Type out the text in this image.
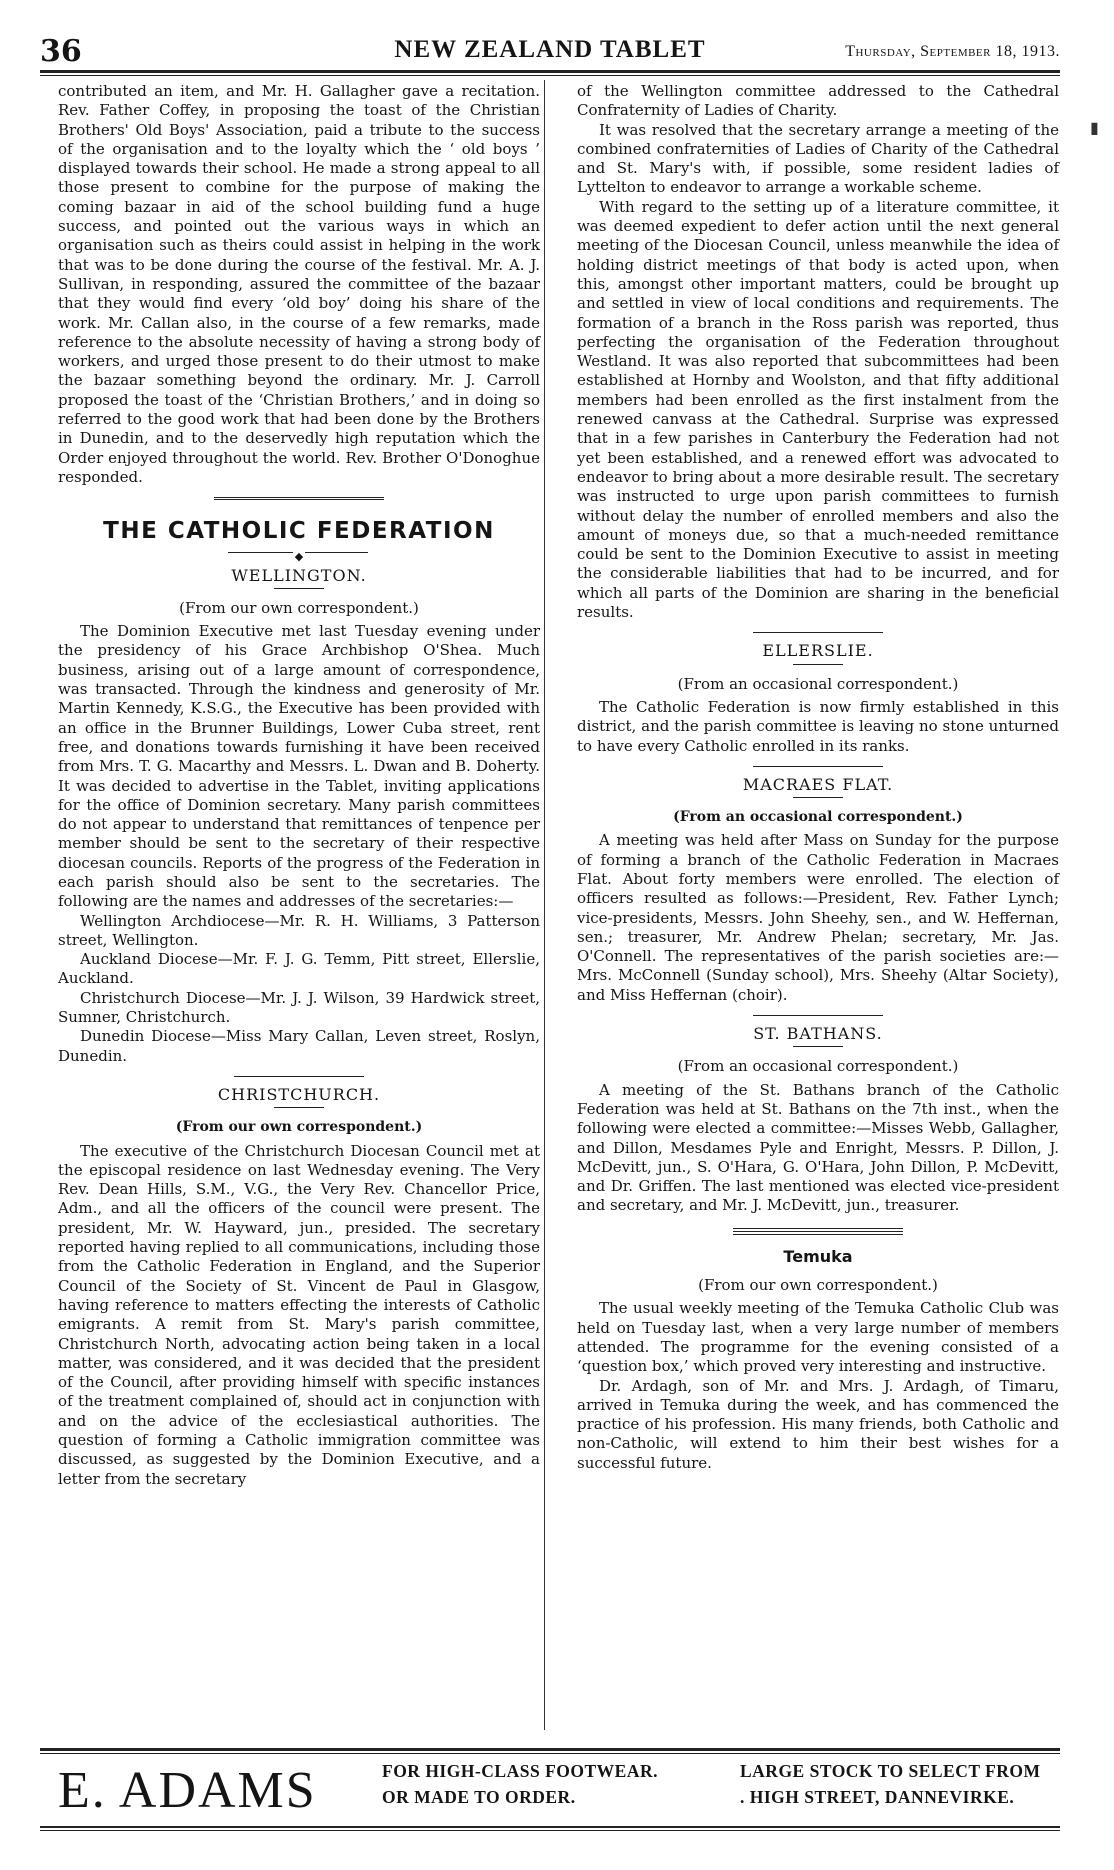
36	NEW ZEALAND TABLET	Thursday, September 18, 1913.

contributed an item, and Mr. H. Gallagher gave a recitation. Rev. Father Coffey, in proposing the toast of the Christian Brothers' Old Boys' Association, paid a tribute to the success of the organisation and to the loyalty which the ‘ old boys ’ displayed towards their school. He made a strong appeal to all those present to combine for the purpose of making the coming bazaar in aid of the school building fund a huge success, and pointed out the various ways in which an organisation such as theirs could assist in helping in the work that was to be done during the course of the festival. Mr. A. J. Sullivan, in responding, assured the committee of the bazaar that they would find every ‘old boy’ doing his share of the work. Mr. Callan also, in the course of a few remarks, made reference to the absolute necessity of having a strong body of workers, and urged those present to do their utmost to make the bazaar something beyond the ordinary. Mr. J. Carroll proposed the toast of the ‘Christian Brothers,’ and in doing so referred to the good work that had been done by the Brothers in Dunedin, and to the deservedly high reputation which the Order enjoyed throughout the world. Rev. Brother O'Donoghue responded.

THE CATHOLIC FEDERATION
◆
WELLINGTON.
(From our own correspondent.)

The Dominion Executive met last Tuesday evening under the presidency of his Grace Archbishop O'Shea. Much business, arising out of a large amount of correspondence, was transacted. Through the kindness and generosity of Mr. Martin Kennedy, K.S.G., the Executive has been provided with an office in the Brunner Buildings, Lower Cuba street, rent free, and donations towards furnishing it have been received from Mrs. T. G. Macarthy and Messrs. L. Dwan and B. Doherty. It was decided to advertise in the Tablet, inviting applications for the office of Dominion secretary. Many parish committees do not appear to understand that remittances of tenpence per member should be sent to the secretary of their respective diocesan councils. Reports of the progress of the Federation in each parish should also be sent to the secretaries. The following are the names and addresses of the secretaries:—

Wellington Archdiocese—Mr. R. H. Williams, 3 Patterson street, Wellington.

Auckland Diocese—Mr. F. J. G. Temm, Pitt street, Ellerslie, Auckland.

Christchurch Diocese—Mr. J. J. Wilson, 39 Hardwick street, Sumner, Christchurch.

Dunedin Diocese—Miss Mary Callan, Leven street, Roslyn, Dunedin.

CHRISTCHURCH.
(From our own correspondent.)

The executive of the Christchurch Diocesan Council met at the episcopal residence on last Wednesday evening. The Very Rev. Dean Hills, S.M., V.G., the Very Rev. Chancellor Price, Adm., and all the officers of the council were present. The president, Mr. W. Hayward, jun., presided. The secretary reported having replied to all communications, including those from the Catholic Federation in England, and the Superior Council of the Society of St. Vincent de Paul in Glasgow, having reference to matters effecting the interests of Catholic emigrants. A remit from St. Mary's parish committee, Christchurch North, advocating action being taken in a local matter, was considered, and it was decided that the president of the Council, after providing himself with specific instances of the treatment complained of, should act in conjunction with and on the advice of the ecclesiastical authorities. The question of forming a Catholic immigration committee was discussed, as suggested by the Dominion Executive, and a letter from the secretary

of the Wellington committee addressed to the Cathedral Confraternity of Ladies of Charity.

It was resolved that the secretary arrange a meeting of the combined confraternities of Ladies of Charity of the Cathedral and St. Mary's with, if possible, some resident ladies of Lyttelton to endeavor to arrange a workable scheme.

With regard to the setting up of a literature committee, it was deemed expedient to defer action until the next general meeting of the Diocesan Council, unless meanwhile the idea of holding district meetings of that body is acted upon, when this, amongst other important matters, could be brought up and settled in view of local conditions and requirements. The formation of a branch in the Ross parish was reported, thus perfecting the organisation of the Federation throughout Westland. It was also reported that subcommittees had been established at Hornby and Woolston, and that fifty additional members had been enrolled as the first instalment from the renewed canvass at the Cathedral. Surprise was expressed that in a few parishes in Canterbury the Federation had not yet been established, and a renewed effort was advocated to endeavor to bring about a more desirable result. The secretary was instructed to urge upon parish committees to furnish without delay the number of enrolled members and also the amount of moneys due, so that a much-needed remittance could be sent to the Dominion Executive to assist in meeting the considerable liabilities that had to be incurred, and for which all parts of the Dominion are sharing in the beneficial results.

ELLERSLIE.
(From an occasional correspondent.)

The Catholic Federation is now firmly established in this district, and the parish committee is leaving no stone unturned to have every Catholic enrolled in its ranks.

MACRAES FLAT.
(From an occasional correspondent.)

A meeting was held after Mass on Sunday for the purpose of forming a branch of the Catholic Federation in Macraes Flat. About forty members were enrolled. The election of officers resulted as follows:—President, Rev. Father Lynch; vice-presidents, Messrs. John Sheehy, sen., and W. Heffernan, sen.; treasurer, Mr. Andrew Phelan; secretary, Mr. Jas. O'Connell. The representatives of the parish societies are:—Mrs. McConnell (Sunday school), Mrs. Sheehy (Altar Society), and Miss Heffernan (choir).

ST. BATHANS.
(From an occasional correspondent.)

A meeting of the St. Bathans branch of the Catholic Federation was held at St. Bathans on the 7th inst., when the following were elected a committee:—Misses Webb, Gallagher, and Dillon, Mesdames Pyle and Enright, Messrs. P. Dillon, J. McDevitt, jun., S. O'Hara, G. O'Hara, John Dillon, P. McDevitt, and Dr. Griffen. The last mentioned was elected vice-president and secretary, and Mr. J. McDevitt, jun., treasurer.

Temuka
(From our own correspondent.)

The usual weekly meeting of the Temuka Catholic Club was held on Tuesday last, when a very large number of members attended. The programme for the evening consisted of a ‘question box,’ which proved very interesting and instructive.

Dr. Ardagh, son of Mr. and Mrs. J. Ardagh, of Timaru, arrived in Temuka during the week, and has commenced the practice of his profession. His many friends, both Catholic and non-Catholic, will extend to him their best wishes for a successful future.

▮
E. ADAMS	FOR HIGH-CLASS FOOTWEAR.	LARGE STOCK TO SELECT FROM
OR MADE TO ORDER.	. HIGH STREET, DANNEVIRKE.
